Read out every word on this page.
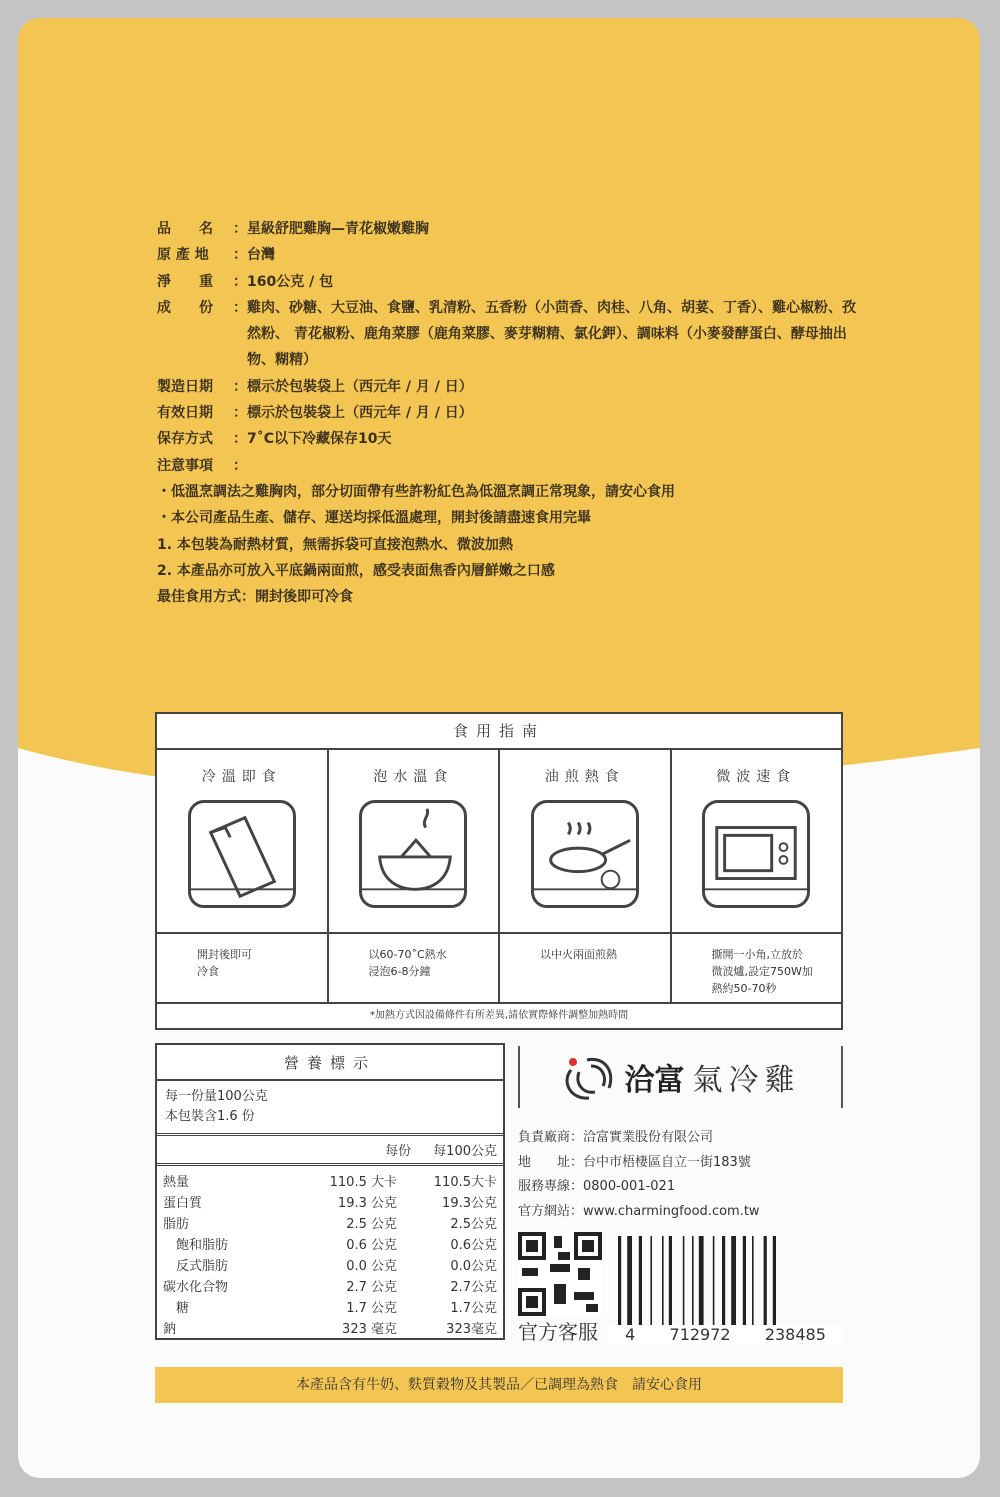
品　　名	： 星級舒肥雞胸—青花椒嫩雞胸
原 產 地	： 台灣
淨　　重	： 160公克 / 包
成　　份	： 雞肉、砂糖、大豆油、食鹽、乳清粉、五香粉（小茴香、肉桂、八角、胡荽、丁香）、雞心椒粉、孜然粉、 青花椒粉、鹿角菜膠（鹿角菜膠、麥芽糊精、氯化鉀）、調味料（小麥發酵蛋白、酵母抽出物、糊精）
製造日期	： 標示於包裝袋上（西元年 / 月 / 日）
有效日期	： 標示於包裝袋上（西元年 / 月 / 日）
保存方式	： 7˚C以下冷藏保存10天
注意事項	：
・低溫烹調法之雞胸肉，部分切面帶有些許粉紅色為低溫烹調正常現象，請安心食用
・本公司產品生產、儲存、運送均採低溫處理，開封後請盡速食用完畢
1. 本包裝為耐熱材質，無需拆袋可直接泡熱水、微波加熱
2. 本產品亦可放入平底鍋兩面煎，感受表面焦香內層鮮嫩之口感
最佳食用方式：開封後即可冷食
食用指南
冷溫即食
開封後即可
冷食
泡水溫食
以60-70˚C熱水
浸泡6-8分鐘
油煎熱食
以中火兩面煎熱
微波速食
撕開一小角,立放於
微波爐,設定750W加
熱約50-70秒
*加熱方式因設備條件有所差異,請依實際條件調整加熱時間
營養標示
每一份量100公克
本包裝含1.6 份
每份 每100公克
熱量	110.5 大卡	110.5大卡
蛋白質	19.3 公克	19.3公克
脂肪	2.5 公克	2.5公克
　飽和脂肪	0.6 公克	0.6公克
　反式脂肪	0.0 公克	0.0公克
碳水化合物	2.7 公克	2.7公克
　糖	1.7 公克	1.7公克
鈉	323 毫克	323毫克
洽富 氣冷雞
負責廠商：洽富實業股份有限公司
地　　址：台中市梧棲區自立一街183號
服務專線：0800-001-021
官方網站：www.charmingfood.com.tw
官方客服	4 712972 238485
本產品含有牛奶、麩質穀物及其製品／已調理為熟食　請安心食用
